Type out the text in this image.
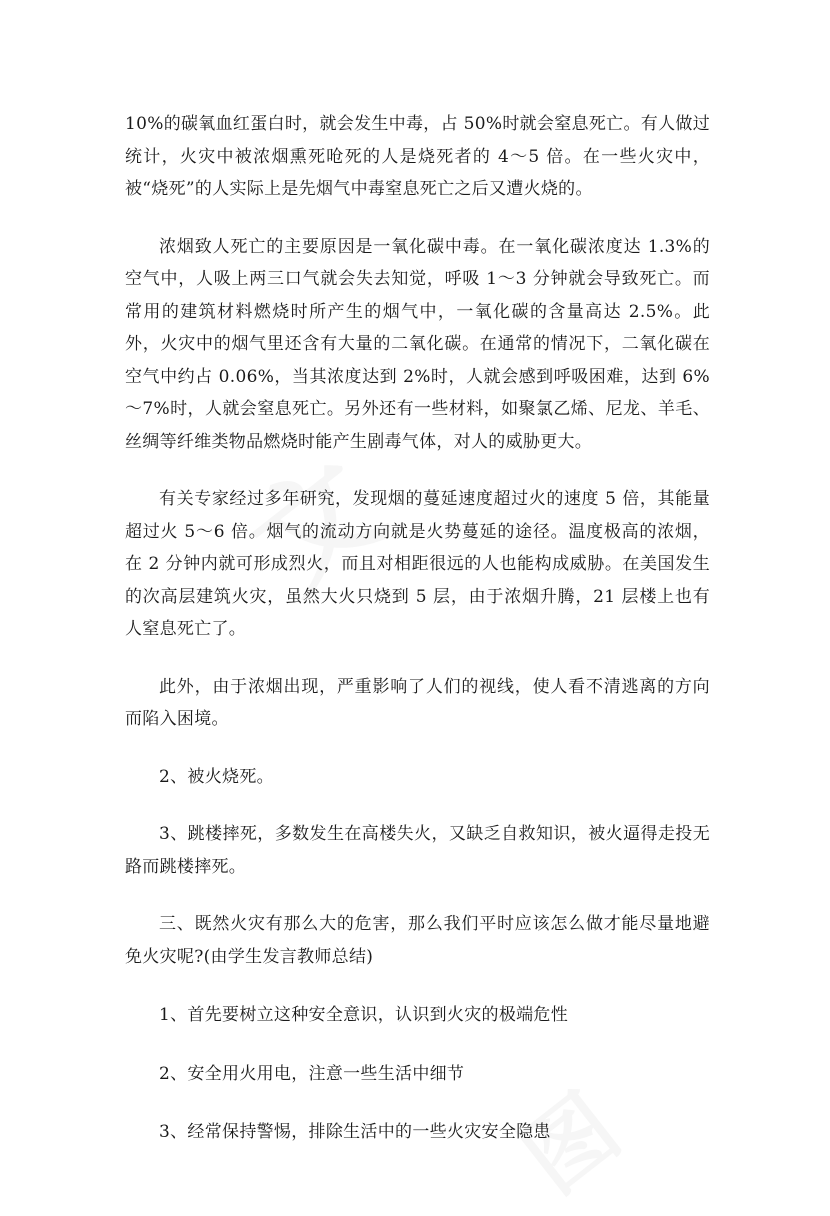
10%的碳氧血红蛋白时，就会发生中毒，占 50%时就会窒息死亡。有人做过统计，火灾中被浓烟熏死呛死的人是烧死者的 4～5 倍。在一些火灾中，被“烧死”的人实际上是先烟气中毒窒息死亡之后又遭火烧的。

浓烟致人死亡的主要原因是一氧化碳中毒。在一氧化碳浓度达 1.3%的空气中，人吸上两三口气就会失去知觉，呼吸 1～3 分钟就会导致死亡。而常用的建筑材料燃烧时所产生的烟气中，一氧化碳的含量高达 2.5%。此外，火灾中的烟气里还含有大量的二氧化碳。在通常的情况下，二氧化碳在空气中约占 0.06%，当其浓度达到 2%时，人就会感到呼吸困难，达到 6%～7%时，人就会窒息死亡。另外还有一些材料，如聚氯乙烯、尼龙、羊毛、丝绸等纤维类物品燃烧时能产生剧毒气体，对人的威胁更大。

有关专家经过多年研究，发现烟的蔓延速度超过火的速度 5 倍，其能量超过火 5～6 倍。烟气的流动方向就是火势蔓延的途径。温度极高的浓烟，在 2 分钟内就可形成烈火，而且对相距很远的人也能构成威胁。在美国发生的次高层建筑火灾，虽然大火只烧到 5 层，由于浓烟升腾，21 层楼上也有人窒息死亡了。

此外，由于浓烟出现，严重影响了人们的视线，使人看不清逃离的方向而陷入困境。

2、被火烧死。

3、跳楼摔死，多数发生在高楼失火，又缺乏自救知识，被火逼得走投无路而跳楼摔死。

三、既然火灾有那么大的危害，那么我们平时应该怎么做才能尽量地避免火灾呢?(由学生发言教师总结)

1、首先要树立这种安全意识，认识到火灾的极端危性

2、安全用火用电，注意一些生活中细节

3、经常保持警惕，排除生活中的一些火灾安全隐患
